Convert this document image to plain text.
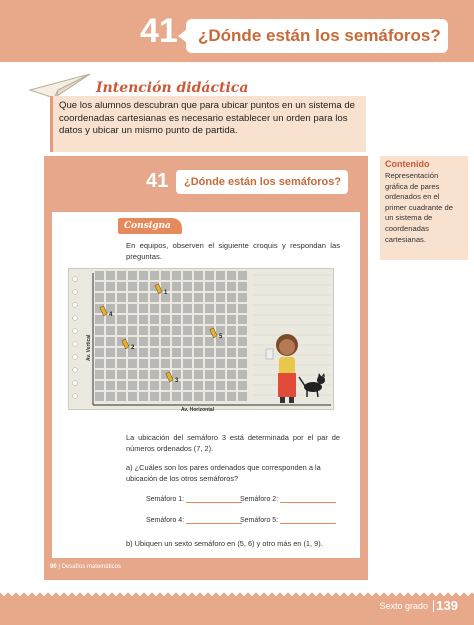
41 ¿Dónde están los semáforos?
Intención didáctica

Que los alumnos descubran que para ubicar puntos en un sistema de coordenadas cartesianas es necesario establecer un orden para los datos y ubicar un mismo punto de partida.

41 ¿Dónde están los semáforos?
Consigna
En equipos, observen el siguiente croquis y respondan las preguntas.
Av. Vertical
Av. Horizontal
1
2
3
4
5
La ubicación del semáforo 3 está determinada por el par de números ordenados (7, 2).
a) ¿Cuáles son los pares ordenados que corresponden a la ubicación de los otros semáforos?
Semáforo 1:	Semáforo 2:
Semáforo 4:	Semáforo 5:
b) Ubiquen un sexto semáforo en (5, 6) y otro más en (1, 9).
90 | Desafíos matemáticos
Contenido

Representación gráfica de pares ordenados en el primer cuadrante de un sistema de coordenadas cartesianas.

Sexto grado 139
